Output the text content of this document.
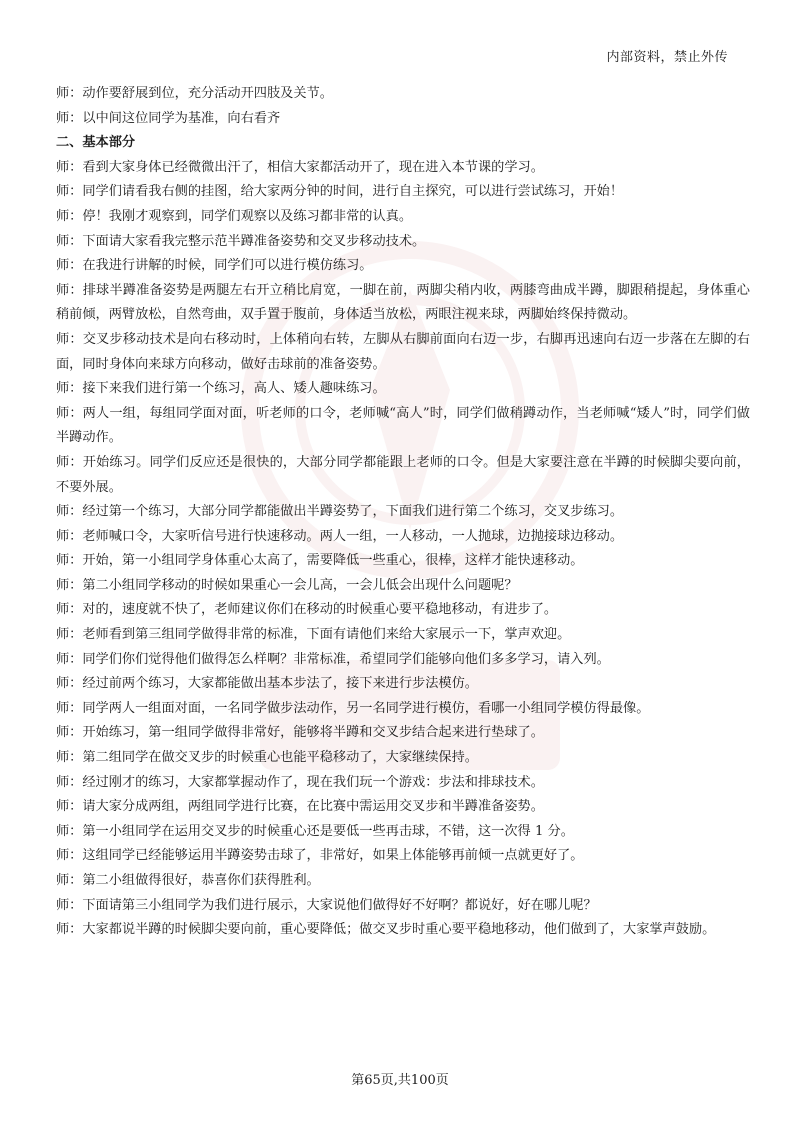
内部资料，禁止外传

师：动作要舒展到位，充分活动开四肢及关节。

师：以中间这位同学为基准，向右看齐

二、基本部分

师：看到大家身体已经微微出汗了，相信大家都活动开了，现在进入本节课的学习。

师：同学们请看我右侧的挂图，给大家两分钟的时间，进行自主探究，可以进行尝试练习，开始！

师：停！我刚才观察到，同学们观察以及练习都非常的认真。

师：下面请大家看我完整示范半蹲准备姿势和交叉步移动技术。

师：在我进行讲解的时候，同学们可以进行模仿练习。

师：排球半蹲准备姿势是两腿左右开立稍比肩宽，一脚在前，两脚尖稍内收，两膝弯曲成半蹲，脚跟稍提起，身体重心稍前倾，两臂放松，自然弯曲，双手置于腹前，身体适当放松，两眼注视来球，两脚始终保持微动。

师：交叉步移动技术是向右移动时，上体稍向右转，左脚从右脚前面向右迈一步，右脚再迅速向右迈一步落在左脚的右面，同时身体向来球方向移动，做好击球前的准备姿势。

师：接下来我们进行第一个练习，高人、矮人趣味练习。

师：两人一组，每组同学面对面，听老师的口令，老师喊“高人”时，同学们做稍蹲动作，当老师喊“矮人”时，同学们做半蹲动作。

师：开始练习。同学们反应还是很快的，大部分同学都能跟上老师的口令。但是大家要注意在半蹲的时候脚尖要向前，不要外展。

师：经过第一个练习，大部分同学都能做出半蹲姿势了，下面我们进行第二个练习，交叉步练习。

师：老师喊口令，大家听信号进行快速移动。两人一组，一人移动，一人抛球，边抛接球边移动。

师：开始，第一小组同学身体重心太高了，需要降低一些重心，很棒，这样才能快速移动。

师：第二小组同学移动的时候如果重心一会儿高，一会儿低会出现什么问题呢？

师：对的，速度就不快了，老师建议你们在移动的时候重心要平稳地移动，有进步了。

师：老师看到第三组同学做得非常的标准，下面有请他们来给大家展示一下，掌声欢迎。

师：同学们你们觉得他们做得怎么样啊？非常标准，希望同学们能够向他们多多学习，请入列。

师：经过前两个练习，大家都能做出基本步法了，接下来进行步法模仿。

师：同学两人一组面对面，一名同学做步法动作，另一名同学进行模仿，看哪一小组同学模仿得最像。

师：开始练习，第一组同学做得非常好，能够将半蹲和交叉步结合起来进行垫球了。

师：第二组同学在做交叉步的时候重心也能平稳移动了，大家继续保持。

师：经过刚才的练习，大家都掌握动作了，现在我们玩一个游戏：步法和排球技术。

师：请大家分成两组，两组同学进行比赛，在比赛中需运用交叉步和半蹲准备姿势。

师：第一小组同学在运用交叉步的时候重心还是要低一些再击球，不错，这一次得 1 分。

师：这组同学已经能够运用半蹲姿势击球了，非常好，如果上体能够再前倾一点就更好了。

师：第二小组做得很好，恭喜你们获得胜利。

师：下面请第三小组同学为我们进行展示，大家说他们做得好不好啊？都说好，好在哪儿呢？

师：大家都说半蹲的时候脚尖要向前，重心要降低；做交叉步时重心要平稳地移动，他们做到了，大家掌声鼓励。

第65页,共100页
